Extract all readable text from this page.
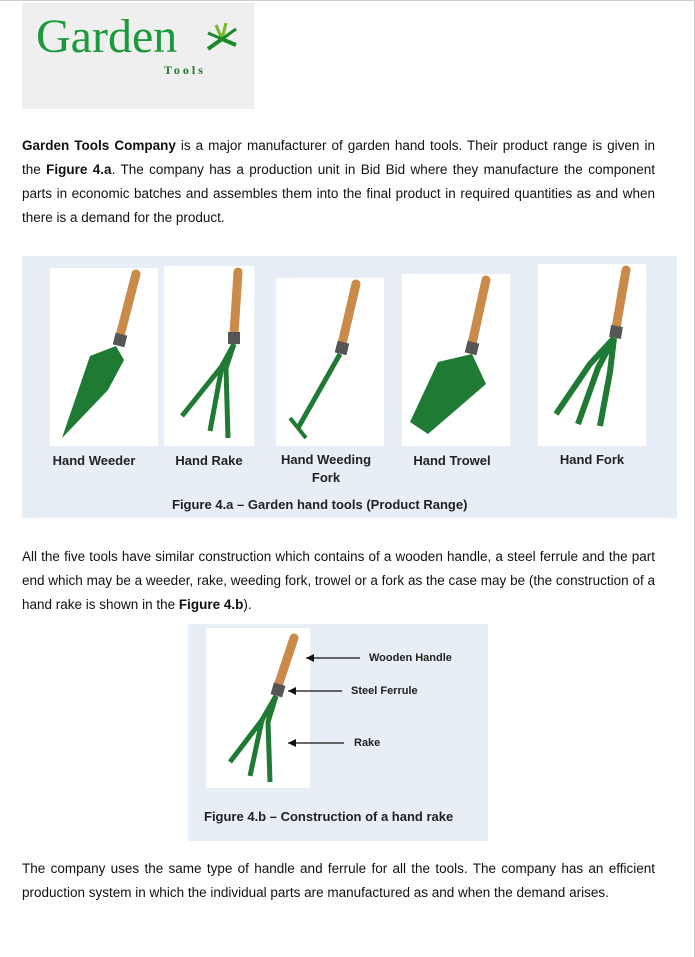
Garden
Tools

Garden Tools Company is a major manufacturer of garden hand tools. Their product range is given in the Figure 4.a. The company has a production unit in Bid Bid where they manufacture the component parts in economic batches and assembles them into the final product in required quantities as and when there is a demand for the product.

Hand Weeder	Hand Rake	Hand Weeding Fork
Hand Trowel	Hand Fork
Figure 4.a – Garden hand tools (Product Range)

All the five tools have similar construction which contains of a wooden handle, a steel ferrule and the part end which may be a weeder, rake, weeding fork, trowel or a fork as the case may be (the construction of a hand rake is shown in the Figure 4.b).

Wooden Handle
Steel Ferrule
Rake
Figure 4.b – Construction of a hand rake

The company uses the same type of handle and ferrule for all the tools. The company has an efficient production system in which the individual parts are manufactured as and when the demand arises.
